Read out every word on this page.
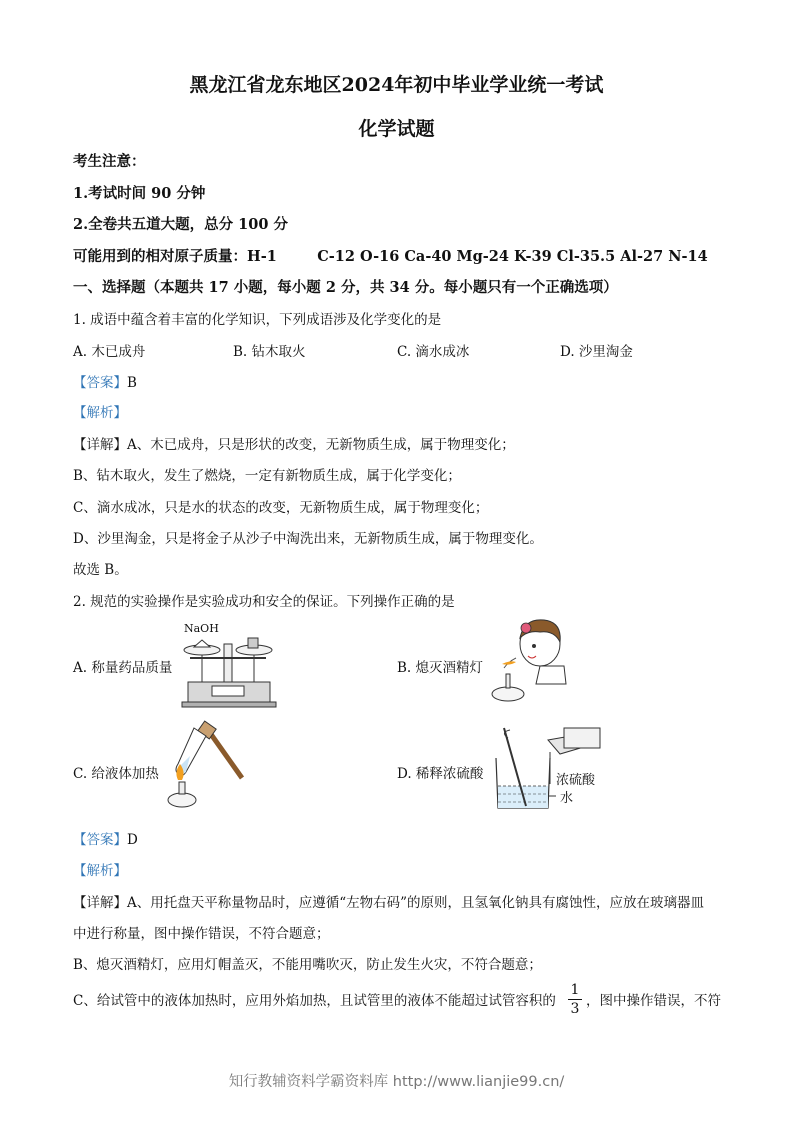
黑龙江省龙东地区2024年初中毕业学业统一考试
化学试题
考生注意：
1.考试时间 90 分钟
2.全卷共五道大题，总分 100 分
可能用到的相对原子质量：H-1        C-12 O-16 Ca-40 Mg-24 K-39 Cl-35.5 Al-27 N-14
一、选择题（本题共 17 小题，每小题 2 分，共 34 分。每小题只有一个正确选项）
1. 成语中蕴含着丰富的化学知识，下列成语涉及化学变化的是
A. 木已成舟	B. 钻木取火	C. 滴水成冰	D. 沙里淘金
【答案】B
【解析】
【详解】A、木已成舟，只是形状的改变，无新物质生成，属于物理变化；
B、钻木取火，发生了燃烧，一定有新物质生成，属于化学变化；
C、滴水成冰，只是水的状态的改变，无新物质生成，属于物理变化；
D、沙里淘金，只是将金子从沙子中淘洗出来，无新物质生成，属于物理变化。
故选 B。
2. 规范的实验操作是实验成功和安全的保证。下列操作正确的是
A. 称量药品质量	B. 熄灭酒精灯
C. 给液体加热	D. 稀释浓硫酸
NaOH
浓硫酸
水
【答案】D
【解析】
【详解】A、用托盘天平称量物品时，应遵循“左物右码”的原则，且氢氧化钠具有腐蚀性，应放在玻璃器皿
中进行称量，图中操作错误，不符合题意；
B、熄灭酒精灯，应用灯帽盖灭，不能用嘴吹灭，防止发生火灾，不符合题意；
C、给试管中的液体加热时，应用外焰加热，且试管里的液体不能超过试管容积的
1
3 ，图中操作错误，不符
知行教辅资料学霸资料库 http://www.lianjie99.cn/
